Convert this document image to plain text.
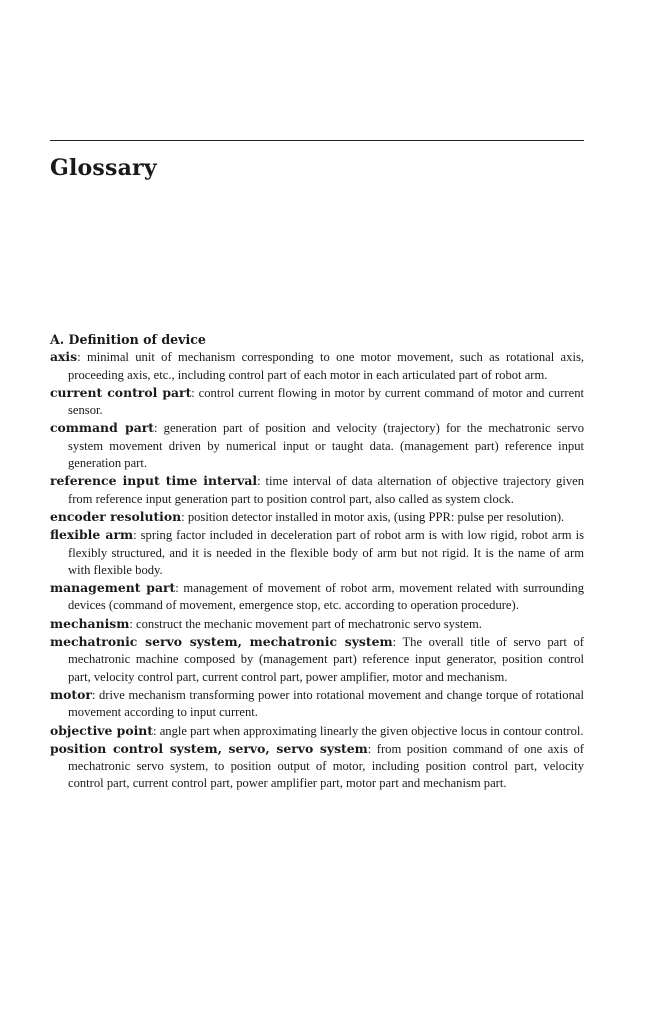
Glossary

A. Definition of device

axis: minimal unit of mechanism corresponding to one motor movement, such as rotational axis, proceeding axis, etc., including control part of each motor in each articulated part of robot arm.

current control part: control current flowing in motor by current command of motor and current sensor.

command part: generation part of position and velocity (trajectory) for the mechatronic servo system movement driven by numerical input or taught data. (management part) reference input generation part.

reference input time interval: time interval of data alternation of objective trajectory given from reference input generation part to position control part, also called as system clock.

encoder resolution: position detector installed in motor axis, (using PPR: pulse per resolution).

flexible arm: spring factor included in deceleration part of robot arm is with low rigid, robot arm is flexibly structured, and it is needed in the flexible body of arm but not rigid. It is the name of arm with flexible body.

management part: management of movement of robot arm, movement related with surrounding devices (command of movement, emergence stop, etc. according to operation procedure).

mechanism: construct the mechanic movement part of mechatronic servo system.

mechatronic servo system, mechatronic system: The overall title of servo part of mechatronic machine composed by (management part) reference input generator, position control part, velocity control part, current control part, power amplifier, motor and mechanism.

motor: drive mechanism transforming power into rotational movement and change torque of rotational movement according to input current.

objective point: angle part when approximating linearly the given objective locus in contour control.

position control system, servo, servo system: from position command of one axis of mechatronic servo system, to position output of motor, including position control part, velocity control part, current control part, power amplifier part, motor part and mechanism part.
